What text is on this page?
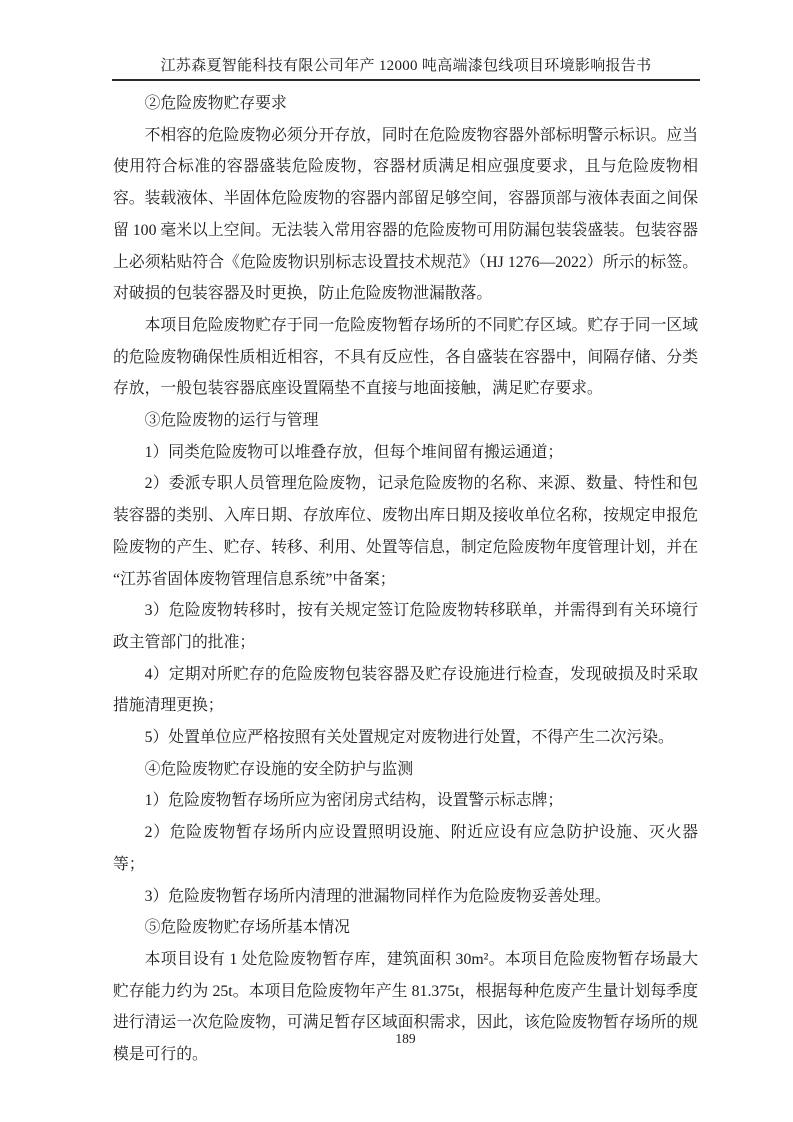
江苏森夏智能科技有限公司年产 12000 吨高端漆包线项目环境影响报告书

②危险废物贮存要求

不相容的危险废物必须分开存放，同时在危险废物容器外部标明警示标识。应当使用符合标准的容器盛装危险废物，容器材质满足相应强度要求，且与危险废物相容。装载液体、半固体危险废物的容器内部留足够空间，容器顶部与液体表面之间保留 100 毫米以上空间。无法装入常用容器的危险废物可用防漏包装袋盛装。包装容器上必须粘贴符合《危险废物识别标志设置技术规范》（HJ 1276—2022）所示的标签。对破损的包装容器及时更换，防止危险废物泄漏散落。

本项目危险废物贮存于同一危险废物暂存场所的不同贮存区域。贮存于同一区域的危险废物确保性质相近相容，不具有反应性，各自盛装在容器中，间隔存储、分类存放，一般包装容器底座设置隔垫不直接与地面接触，满足贮存要求。

③危险废物的运行与管理

1）同类危险废物可以堆叠存放，但每个堆间留有搬运通道；

2）委派专职人员管理危险废物，记录危险废物的名称、来源、数量、特性和包装容器的类别、入库日期、存放库位、废物出库日期及接收单位名称，按规定申报危险废物的产生、贮存、转移、利用、处置等信息，制定危险废物年度管理计划，并在“江苏省固体废物管理信息系统”中备案；

3）危险废物转移时，按有关规定签订危险废物转移联单，并需得到有关环境行政主管部门的批准；

4）定期对所贮存的危险废物包装容器及贮存设施进行检查，发现破损及时采取措施清理更换；

5）处置单位应严格按照有关处置规定对废物进行处置，不得产生二次污染。

④危险废物贮存设施的安全防护与监测

1）危险废物暂存场所应为密闭房式结构，设置警示标志牌；

2）危险废物暂存场所内应设置照明设施、附近应设有应急防护设施、灭火器等；

3）危险废物暂存场所内清理的泄漏物同样作为危险废物妥善处理。

⑤危险废物贮存场所基本情况

本项目设有 1 处危险废物暂存库，建筑面积 30m²。本项目危险废物暂存场最大贮存能力约为 25t。本项目危险废物年产生 81.375t，根据每种危废产生量计划每季度进行清运一次危险废物，可满足暂存区域面积需求，因此，该危险废物暂存场所的规模是可行的。

189
